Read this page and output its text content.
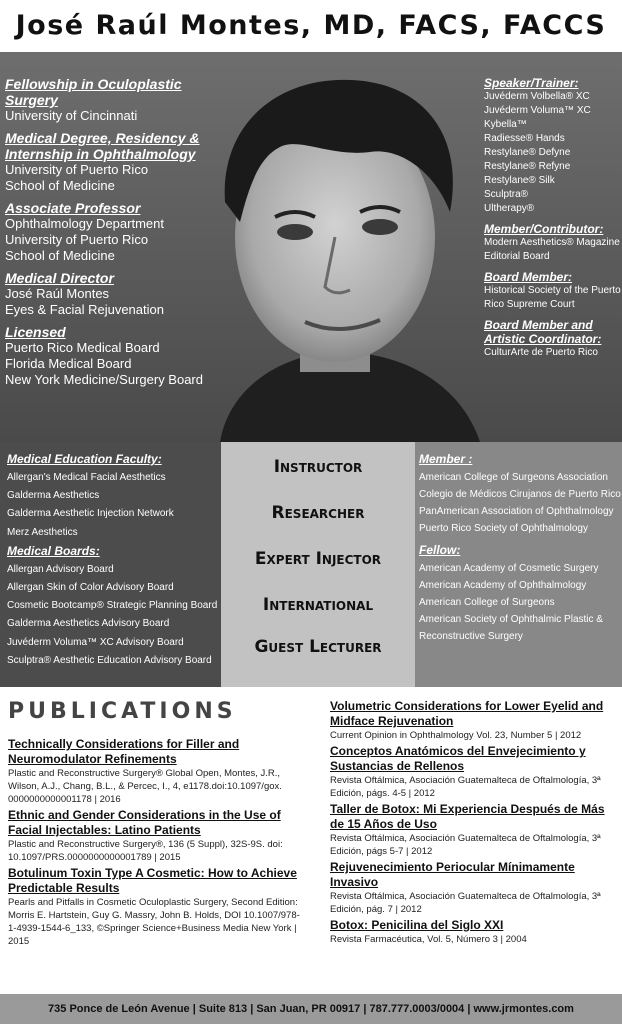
José Raúl Montes, MD, FACS, FACCS
Fellowship in Oculoplastic Surgery
University of Cincinnati
Medical Degree, Residency & Internship in Ophthalmology
University of Puerto Rico
School of Medicine
Associate Professor
Ophthalmology Department
University of Puerto Rico
School of Medicine
Medical Director
José Raúl Montes
Eyes & Facial Rejuvenation
Licensed
Puerto Rico Medical Board
Florida Medical Board
New York Medicine/Surgery Board
Speaker/Trainer:
Juvéderm Volbella® XC
Juvéderm Voluma™ XC
Kybella™
Radiesse® Hands
Restylane® Defyne
Restylane® Refyne
Restylane® Silk
Sculptra®
Ultherapy®
Member/Contributor:
Modern Aesthetics® Magazine
Editorial Board
Board Member:
Historical Society of the Puerto
Rico Supreme Court
Board Member and Artistic Coordinator:
CulturArte de Puerto Rico
Medical Education Faculty:
Allergan's Medical Facial Aesthetics
Galderma Aesthetics
Galderma Aesthetic Injection Network
Merz Aesthetics
Medical Boards:
Allergan Advisory Board
Allergan Skin of Color Advisory Board
Cosmetic Bootcamp® Strategic Planning Board
Galderma Aesthetics Advisory Board
Juvéderm Voluma™ XC Advisory Board
Sculptra® Aesthetic Education Advisory Board
Instructor
Researcher
Expert Injector
International
Guest Lecturer
Member :
American College of Surgeons Association
Colegio de Médicos Cirujanos de Puerto Rico
PanAmerican Association of Ophthalmology
Puerto Rico Society of Ophthalmology
Fellow:
American Academy of Cosmetic Surgery
American Academy of Ophthalmology
American College of Surgeons
American Society of Ophthalmic Plastic &
Reconstructive Surgery
PUBLICATIONS
Technically Considerations for Filler and Neuromodulator Refinements
Plastic and Reconstructive Surgery® Global Open, Montes, J.R., Wilson, A.J., Chang, B.L., & Percec, I., 4, e1178.doi:10.1097/gox. 0000000000001178 | 2016
Ethnic and Gender Considerations in the Use of Facial Injectables: Latino Patients
Plastic and Reconstructive Surgery®, 136 (5 Suppl), 32S-9S. doi: 10.1097/PRS.0000000000001789 | 2015
Botulinum Toxin Type A Cosmetic: How to Achieve Predictable Results
Pearls and Pitfalls in Cosmetic Oculoplastic Surgery, Second Edition: Morris E. Hartstein, Guy G. Massry, John B. Holds, DOI 10.1007/978-1-4939-1544-6_133, ©Springer Science+Business Media New York | 2015
Volumetric Considerations for Lower Eyelid and Midface Rejuvenation
Current Opinion in Ophthalmology Vol. 23, Number 5 | 2012
Conceptos Anatómicos del Envejecimiento y Sustancias de Rellenos
Revista Oftálmica, Asociación Guatemalteca de Oftalmología, 3ª Edición, págs. 4-5 | 2012
Taller de Botox: Mi Experiencia Después de Más de 15 Años de Uso
Revista Oftálmica, Asociación Guatemalteca de Oftalmología, 3ª Edición, págs 5-7 | 2012
Rejuvenecimiento Periocular Mínimamente Invasivo
Revista Oftálmica, Asociación Guatemalteca de Oftalmología, 3ª Edición, pág. 7 | 2012
Botox: Penicilina del Siglo XXI
Revista Farmacéutica, Vol. 5, Número 3 | 2004
735 Ponce de León Avenue | Suite 813 | San Juan, PR 00917 | 787.777.0003/0004 | www.jrmontes.com
